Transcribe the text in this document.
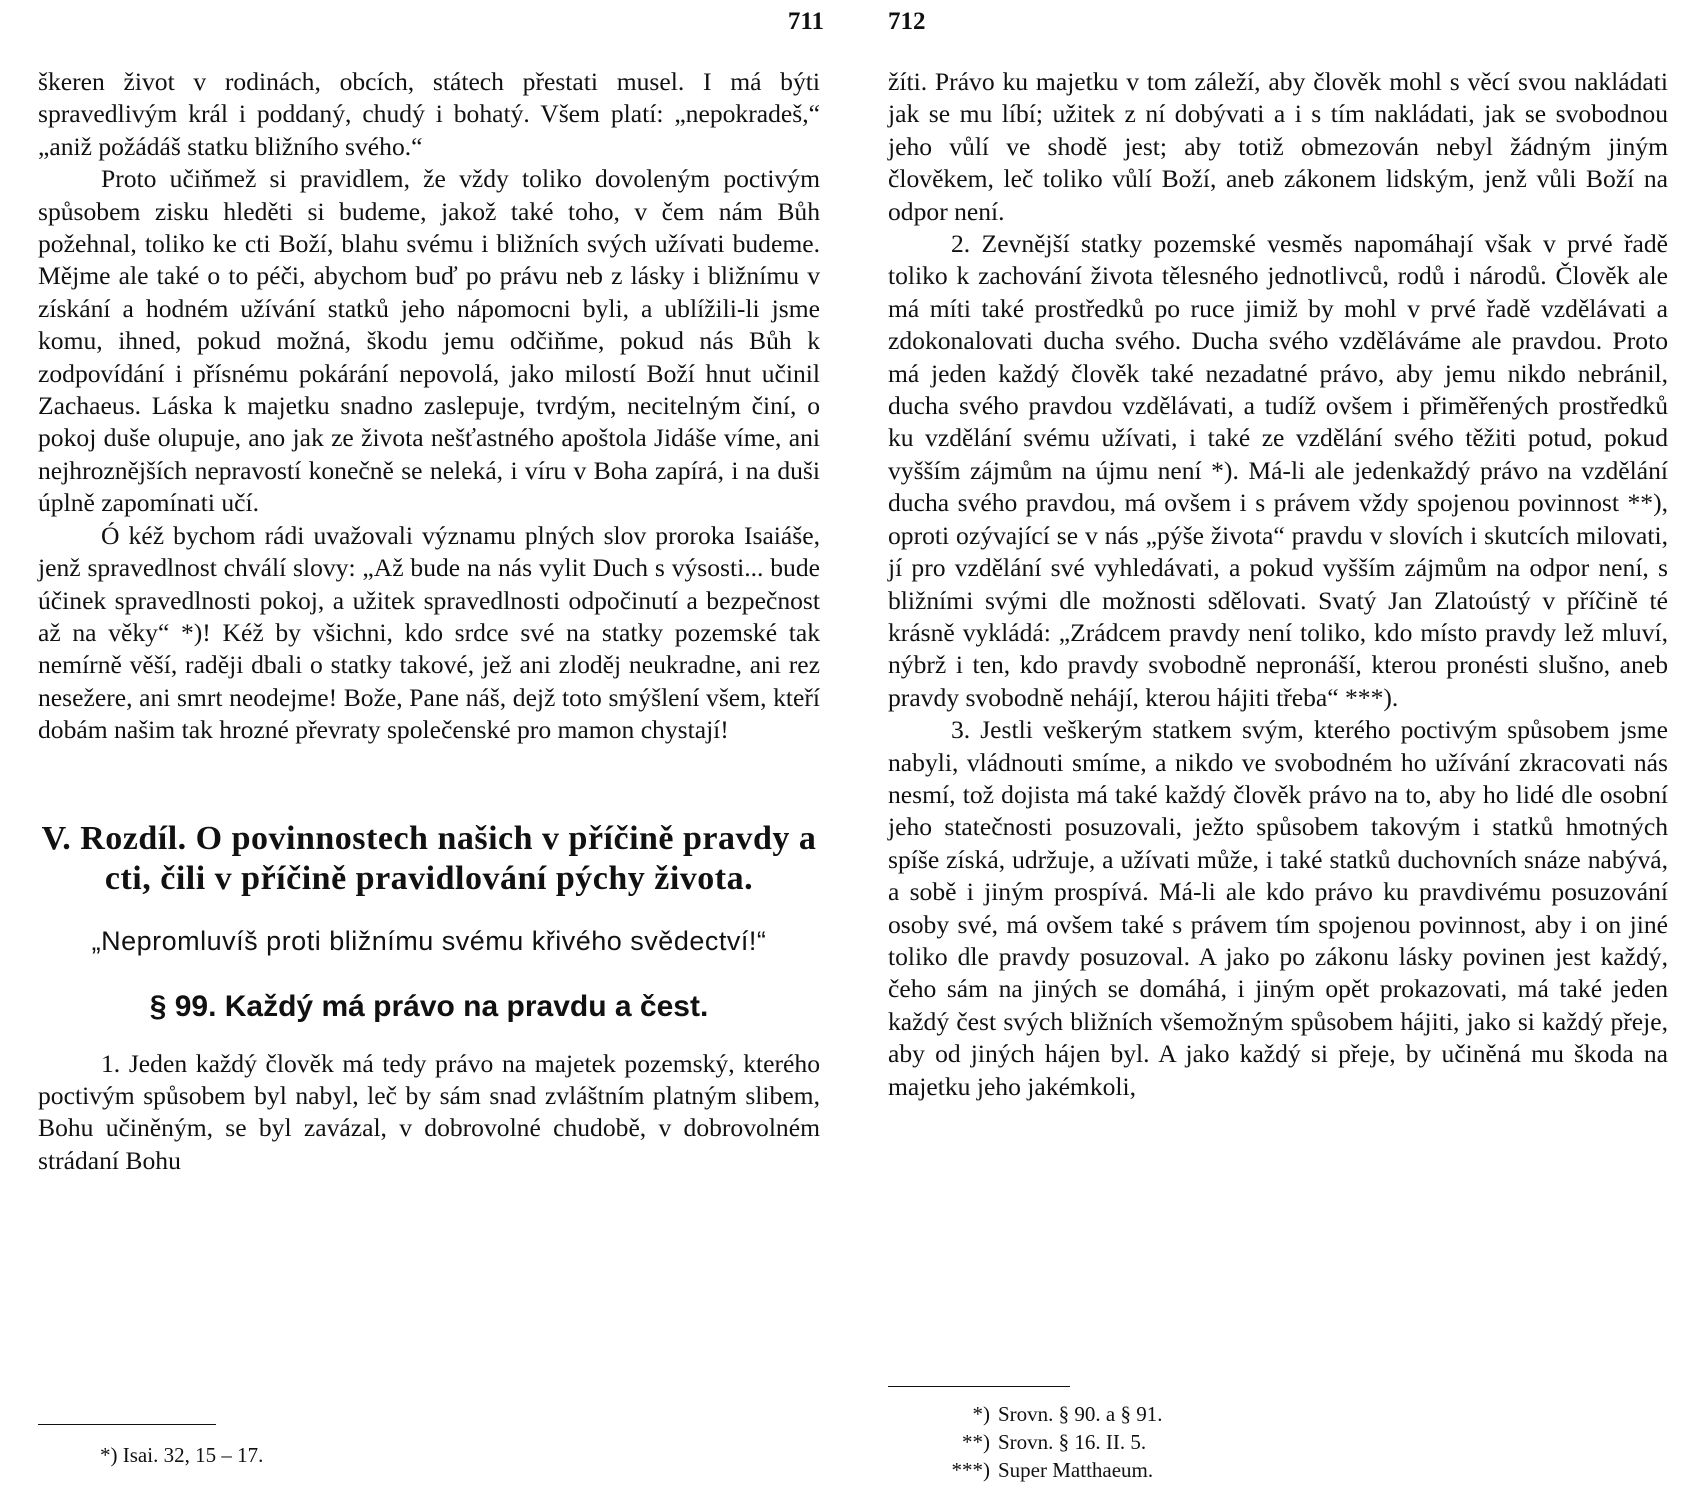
711

škeren život v rodinách, obcích, státech přestati musel. I má býti spravedlivým král i poddaný, chudý i bohatý. Všem platí: „nepokradeš,“ „aniž požádáš statku bližního svého.“

Proto učiňmež si pravidlem, že vždy toliko dovoleným poctivým spůsobem zisku hleděti si budeme, jakož také toho, v čem nám Bůh požehnal, toliko ke cti Boží, blahu svému i bližních svých užívati budeme. Mějme ale také o to péči, abychom buď po právu neb z lásky i bližnímu v získání a hodném užívání statků jeho nápomocni byli, a ublížili-li jsme komu, ihned, pokud možná, škodu jemu odčiňme, pokud nás Bůh k zodpovídání i přísnému pokárání nepovolá, jako milostí Boží hnut učinil Zachaeus. Láska k majetku snadno zaslepuje, tvrdým, necitelným činí, o pokoj duše olupuje, ano jak ze života nešťastného apoštola Jidáše víme, ani nejhroznějších nepravostí konečně se neleká, i víru v Boha zapírá, i na duši úplně zapomínati učí.

Ó kéž bychom rádi uvažovali významu plných slov proroka Isaiáše, jenž spravedlnost chválí slovy: „Až bude na nás vylit Duch s výsosti... bude účinek spravedlnosti pokoj, a užitek spravedlnosti odpočinutí a bezpečnost až na věky“ *)! Kéž by všichni, kdo srdce své na statky pozemské tak nemírně věší, raději dbali o statky takové, jež ani zloděj neukradne, ani rez nesežere, ani smrt neodejme! Bože, Pane náš, dejž toto smýšlení všem, kteří dobám našim tak hrozné převraty společenské pro mamon chystají!

V. Rozdíl. O povinnostech našich v příčině pravdy a cti, čili v příčině pravidlování pýchy života.
„Nepromluvíš proti bližnímu svému křivého svědectví!“
§ 99. Každý má právo na pravdu a čest.

1. Jeden každý člověk má tedy právo na majetek pozemský, kterého poctivým spůsobem byl nabyl, leč by sám snad zvláštním platným slibem, Bohu učiněným, se byl zavázal, v dobrovolné chudobě, v dobrovolném strádaní Bohu

*) Isai. 32, 15 – 17.
712

žíti. Právo ku majetku v tom záleží, aby člověk mohl s věcí svou nakládati jak se mu líbí; užitek z ní dobývati a i s tím nakládati, jak se svobodnou jeho vůlí ve shodě jest; aby totiž obmezován nebyl žádným jiným člověkem, leč toliko vůlí Boží, aneb zákonem lidským, jenž vůli Boží na odpor není.

2. Zevnější statky pozemské vesměs napomáhají však v prvé řadě toliko k zachování života tělesného jednotlivců, rodů i národů. Člověk ale má míti také prostředků po ruce jimiž by mohl v prvé řadě vzdělávati a zdokonalovati ducha svého. Ducha svého vzděláváme ale pravdou. Proto má jeden každý člověk také nezadatné právo, aby jemu nikdo nebránil, ducha svého pravdou vzdělávati, a tudíž ovšem i přiměřených prostředků ku vzdělání svému užívati, i také ze vzdělání svého těžiti potud, pokud vyšším zájmům na újmu není *). Má-li ale jedenkaždý právo na vzdělání ducha svého pravdou, má ovšem i s právem vždy spojenou povinnost **), oproti ozývající se v nás „pýše života“ pravdu v slovích i skutcích milovati, jí pro vzdělání své vyhledávati, a pokud vyšším zájmům na odpor není, s bližními svými dle možnosti sdělovati. Svatý Jan Zlatoústý v příčině té krásně vykládá: „Zrádcem pravdy není toliko, kdo místo pravdy lež mluví, nýbrž i ten, kdo pravdy svobodně nepronáší, kterou pronésti slušno, aneb pravdy svobodně nehájí, kterou hájiti třeba“ ***).

3. Jestli veškerým statkem svým, kterého poctivým spůsobem jsme nabyli, vládnouti smíme, a nikdo ve svobodném ho užívání zkracovati nás nesmí, tož dojista má také každý člověk právo na to, aby ho lidé dle osobní jeho statečnosti posuzovali, ježto spůsobem takovým i statků hmotných spíše získá, udržuje, a užívati může, i také statků duchovních snáze nabývá, a sobě i jiným prospívá. Má-li ale kdo právo ku pravdivému posuzování osoby své, má ovšem také s právem tím spojenou povinnost, aby i on jiné toliko dle pravdy posuzoval. A jako po zákonu lásky povinen jest každý, čeho sám na jiných se domáhá, i jiným opět prokazovati, má také jeden každý čest svých bližních všemožným spůsobem hájiti, jako si každý přeje, aby od jiných hájen byl. A jako každý si přeje, by učiněná mu škoda na majetku jeho jakémkoli,

*) Srovn. § 90. a § 91.
**) Srovn. § 16. II. 5.
***) Super Matthaeum.
